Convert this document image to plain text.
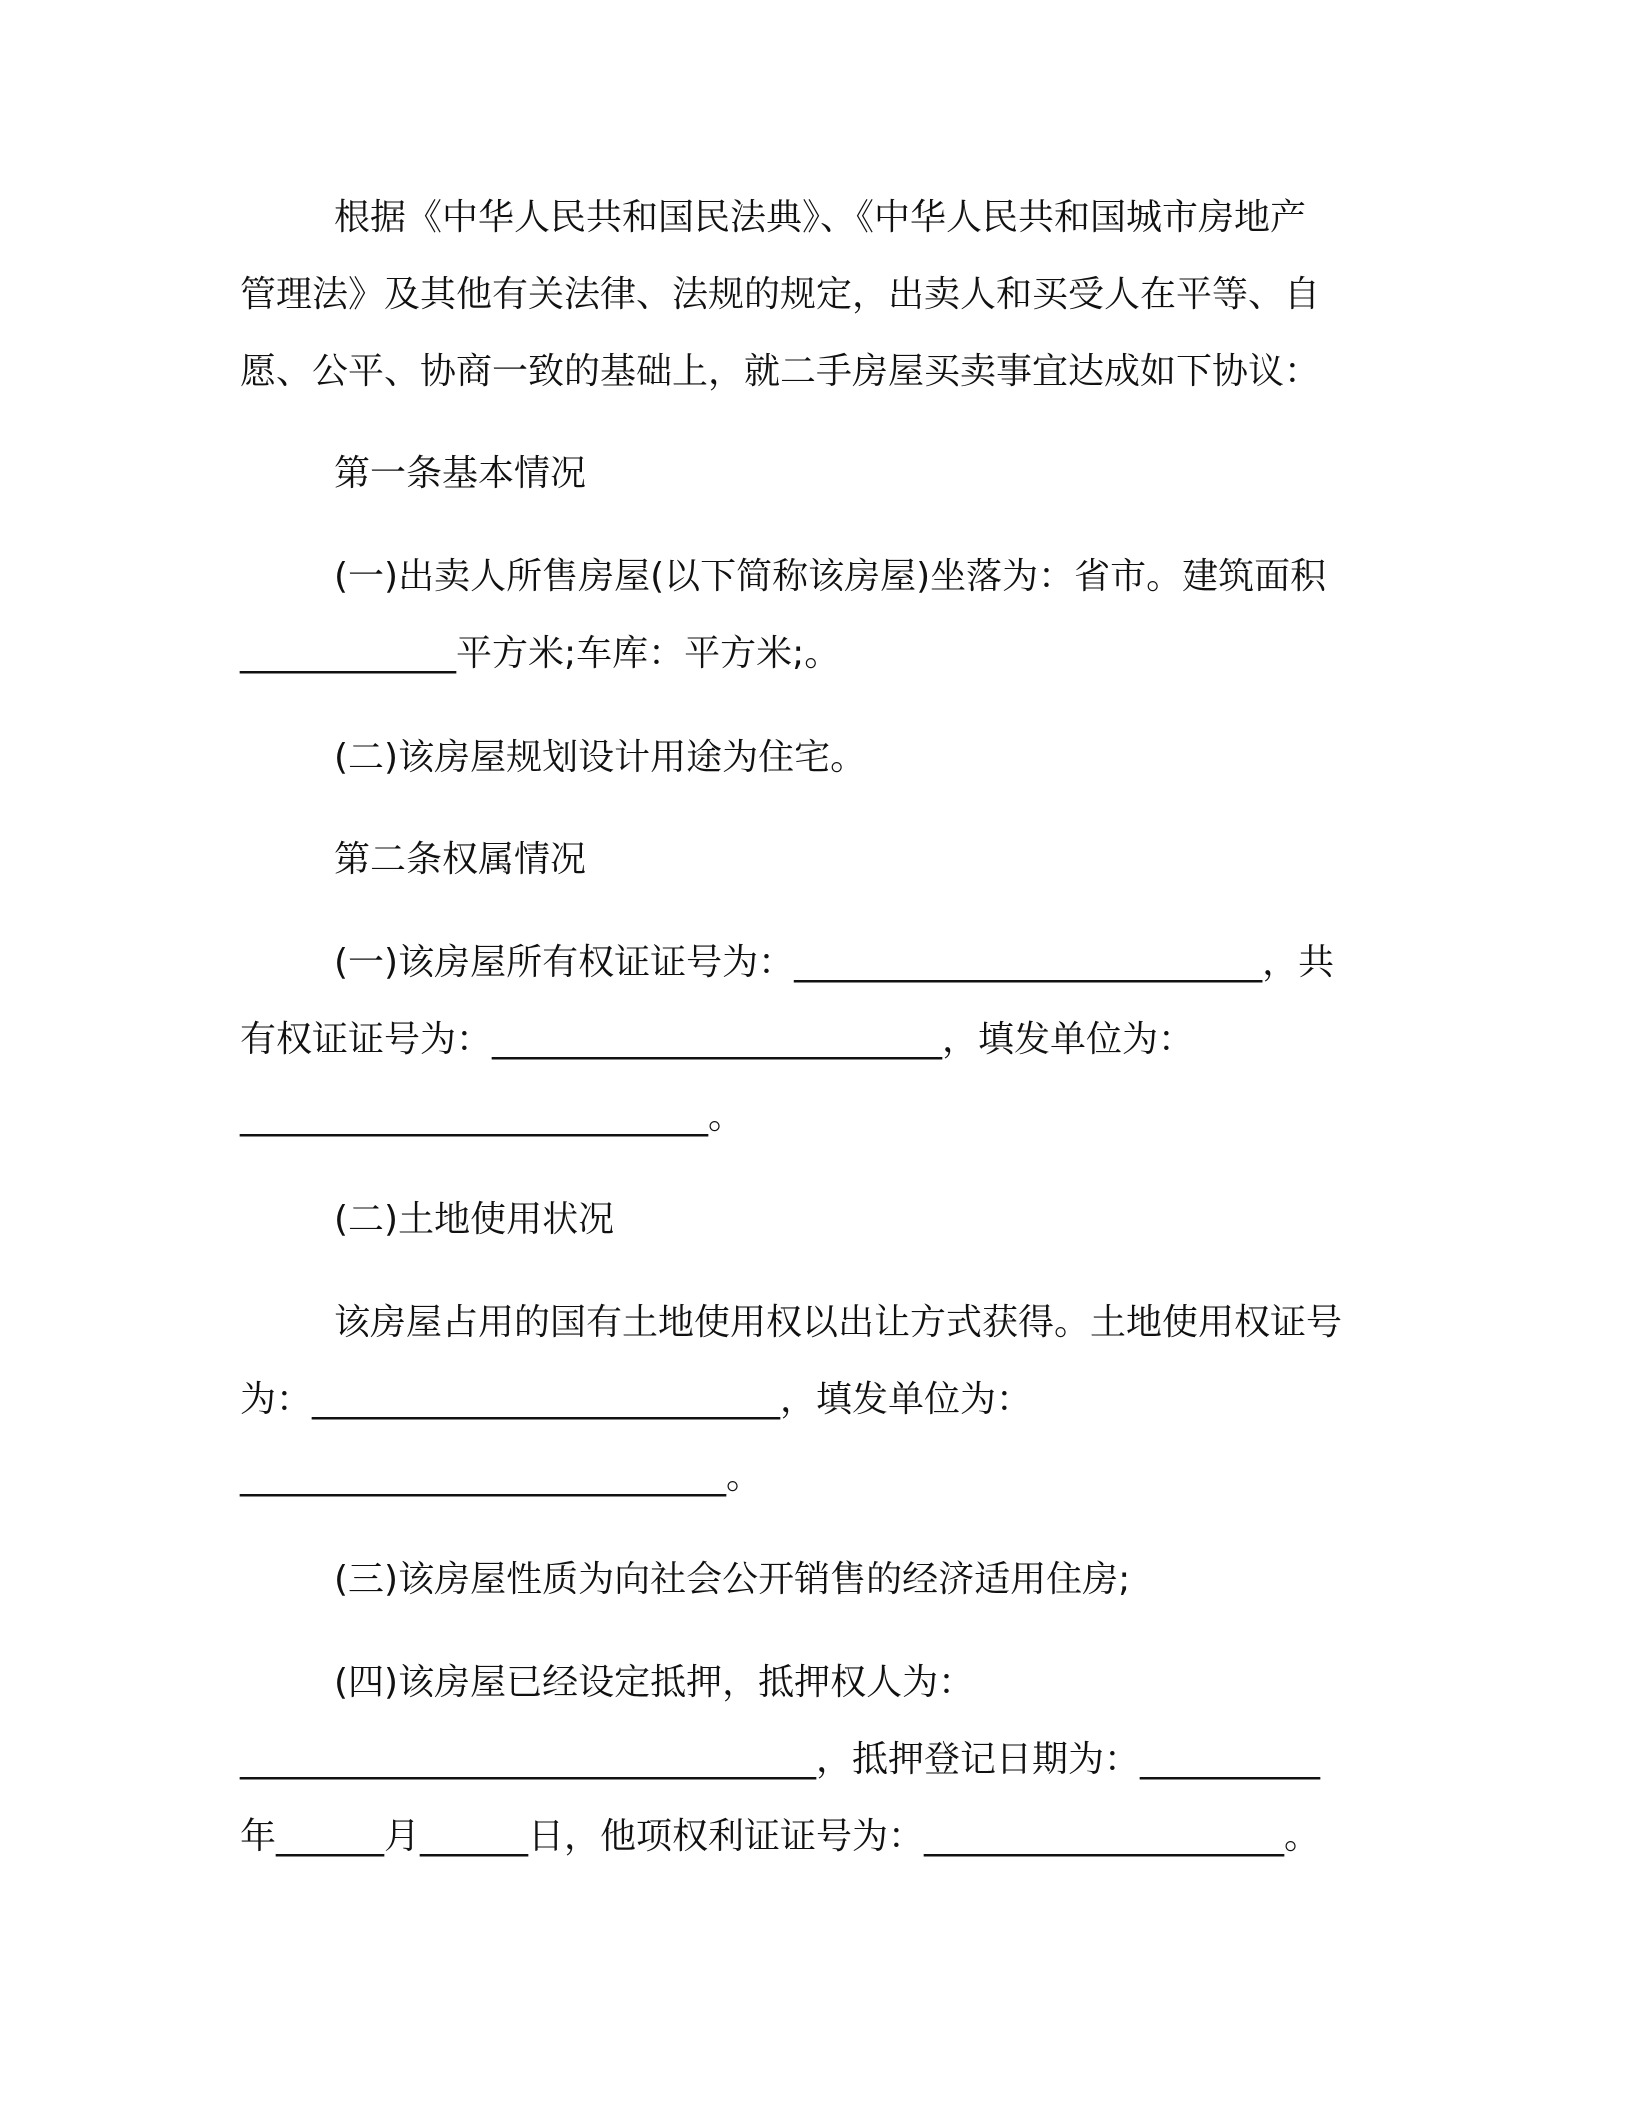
根据《中华人民共和国民法典》、《中华人民共和国城市房地产
管理法》及其他有关法律、法规的规定，出卖人和买受人在平等、自
愿、公平、协商一致的基础上，就二手房屋买卖事宜达成如下协议：
第一条基本情况
(一)出卖人所售房屋(以下简称该房屋)坐落为：省市。建筑面积
____________平方米;车库：平方米;。
(二)该房屋规划设计用途为住宅。
第二条权属情况
(一)该房屋所有权证证号为：__________________________，共
有权证证号为：_________________________，填发单位为：
__________________________。
(二)土地使用状况
该房屋占用的国有土地使用权以出让方式获得。土地使用权证号
为：__________________________，填发单位为：
___________________________。
(三)该房屋性质为向社会公开销售的经济适用住房;
(四)该房屋已经设定抵押，抵押权人为：
________________________________，抵押登记日期为：__________
年______月______日，他项权利证证号为：____________________。
